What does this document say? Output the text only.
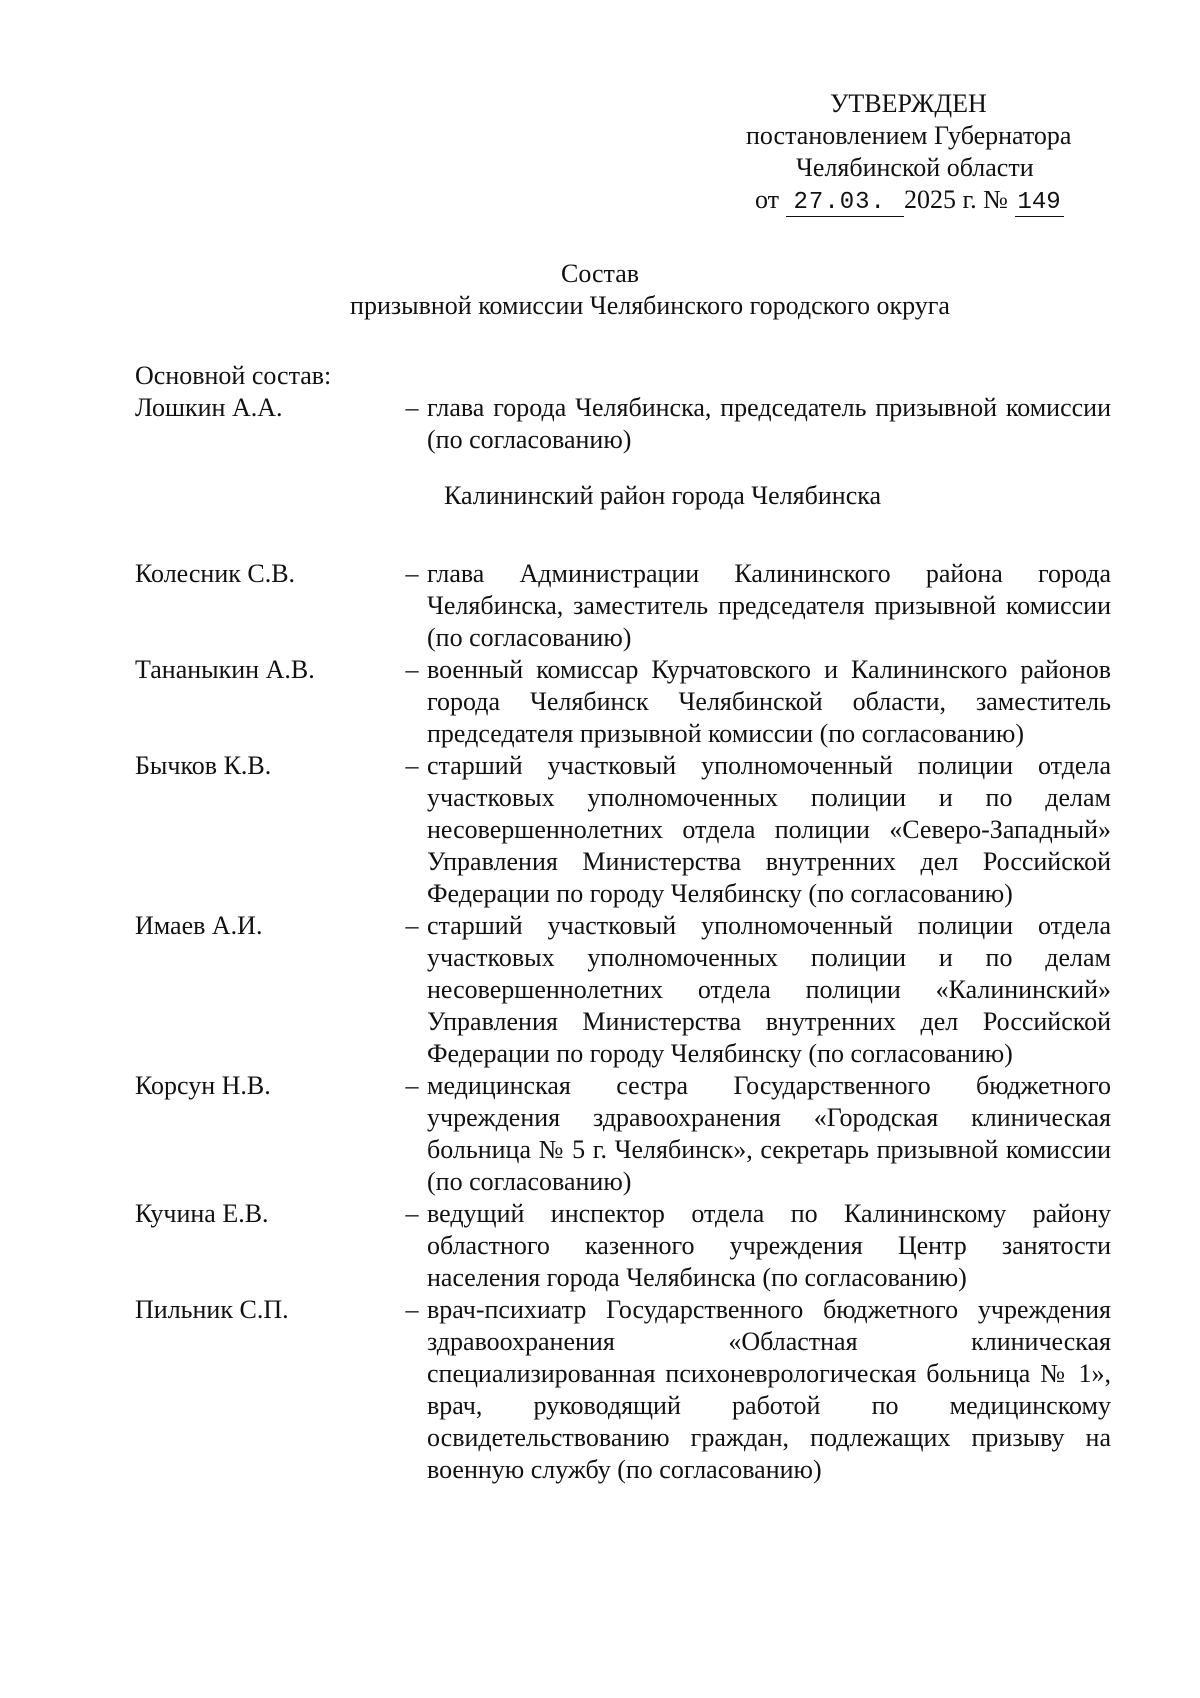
УТВЕРЖДЕН
постановлением Губернатора
Челябинской области
от 27.03. 2025 г. № 149
Состав
призывной комиссии Челябинского городского округа
Основной состав:
Лошкин А.А.	– глава города Челябинска, председатель призывной комиссии (по согласованию)
Калининский район города Челябинска
Колесник С.В.	– глава Администрации Калининского района города Челябинска, заместитель председателя призывной комиссии (по согласованию)
Тананыкин А.В.	– военный комиссар Курчатовского и Калининского районов города Челябинск Челябинской области, заместитель председателя призывной комиссии (по согласованию)
Бычков К.В.	– старший участковый уполномоченный полиции отдела участковых уполномоченных полиции и по делам несовершеннолетних отдела полиции «Северо-Западный» Управления Министерства внутренних дел Российской Федерации по городу Челябинску (по согласованию)
Имаев А.И.	– старший участковый уполномоченный полиции отдела участковых уполномоченных полиции и по делам несовершеннолетних отдела полиции «Калининский» Управления Министерства внутренних дел Российской Федерации по городу Челябинску (по согласованию)
Корсун Н.В.	– медицинская сестра Государственного бюджетного учреждения здравоохранения «Городская клиническая больница № 5 г. Челябинск», секретарь призывной комиссии (по согласованию)
Кучина Е.В.	– ведущий инспектор отдела по Калининскому району областного казенного учреждения Центр занятости населения города Челябинска (по согласованию)
Пильник С.П.	– врач-психиатр Государственного бюджетного учреждения здравоохранения «Областная клиническая специализированная психоневрологическая больница № 1», врач, руководящий работой по медицинскому освидетельствованию граждан, подлежащих призыву на военную службу (по согласованию)
